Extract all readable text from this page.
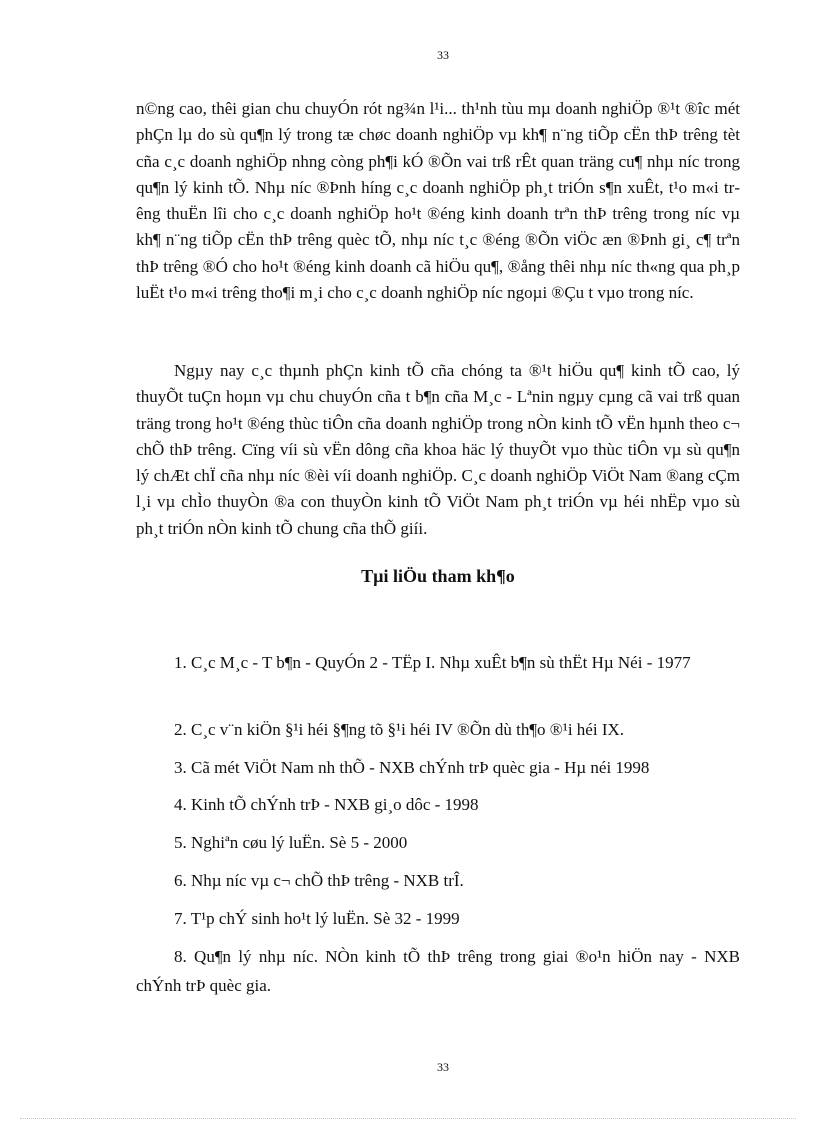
33

n©ng cao, thêi gian chu chuyÓn rót ng¾n l¹i... th¹nh tùu mµ doanh nghiÖp ®¹t ®îc mét phÇn lµ do sù qu¶n lý trong tæ chøc doanh nghiÖp vµ kh¶ n¨ng tiÕp cËn thÞ trêng tèt cña c¸c doanh nghiÖp nhng còng ph¶i kÓ ®Õn vai trß rÊt quan träng cu¶ nhµ níc trong qu¶n lý kinh tÕ. Nhµ níc ®Þnh híng c¸c doanh nghiÖp ph¸t triÓn s¶n xuÊt, t¹o m«i trêng thuËn lîi cho c¸c doanh nghiÖp ho¹t ®éng kinh doanh trªn thÞ trêng trong níc vµ kh¶ n¨ng tiÕp cËn thÞ trêng quèc tÕ, nhµ níc t¸c ®éng ®Õn viÖc æn ®Þnh gi¸ c¶ trªn thÞ trêng ®Ó cho ho¹t ®éng kinh doanh cã hiÖu qu¶, ®ång thêi nhµ níc th«ng qua ph¸p luËt t¹o m«i trêng tho¶i m¸i cho c¸c doanh nghiÖp níc ngoµi ®Çu t vµo trong níc.

Ngµy nay c¸c thµnh phÇn kinh tÕ cña chóng ta ®¹t hiÖu qu¶ kinh tÕ cao, lý thuyÕt tuÇn hoµn vµ chu chuyÓn cña t b¶n cña M¸c - Lªnin ngµy cµng cã vai trß quan träng trong ho¹t ®éng thùc tiÔn cña doanh nghiÖp trong nÒn kinh tÕ vËn hµnh theo c¬ chÕ thÞ trêng. Cïng víi sù vËn dông cña khoa häc lý thuyÕt vµo thùc tiÔn vµ sù qu¶n lý chÆt chÏ cña nhµ níc ®èi víi doanh nghiÖp. C¸c doanh nghiÖp ViÖt Nam ®ang cÇm l¸i vµ chÌo thuyÒn ®a con thuyÒn kinh tÕ ViÖt Nam ph¸t triÓn vµ héi nhËp vµo sù ph¸t triÓn nÒn kinh tÕ chung cña thÕ giíi.

Tµi liÖu tham kh¶o
1. C¸c M¸c - T b¶n - QuyÓn 2 - TËp I. Nhµ xuÊt b¶n sù thËt Hµ Néi - 1977
2. C¸c v¨n kiÖn §¹i héi §¶ng tõ §¹i héi IV ®Õn dù th¶o ®¹i héi IX.
3. Cã mét ViÖt Nam nh thÕ - NXB chÝnh trÞ quèc gia - Hµ néi 1998
4. Kinh tÕ chÝnh trÞ - NXB gi¸o dôc - 1998
5. Nghiªn cøu lý luËn. Sè 5 - 2000
6. Nhµ níc vµ c¬ chÕ thÞ trêng - NXB trÎ.
7. T¹p chÝ sinh ho¹t lý luËn. Sè 32 - 1999
8. Qu¶n lý nhµ níc. NÒn kinh tÕ thÞ trêng trong giai ®o¹n hiÖn nay - NXB chÝnh trÞ quèc gia.
33
